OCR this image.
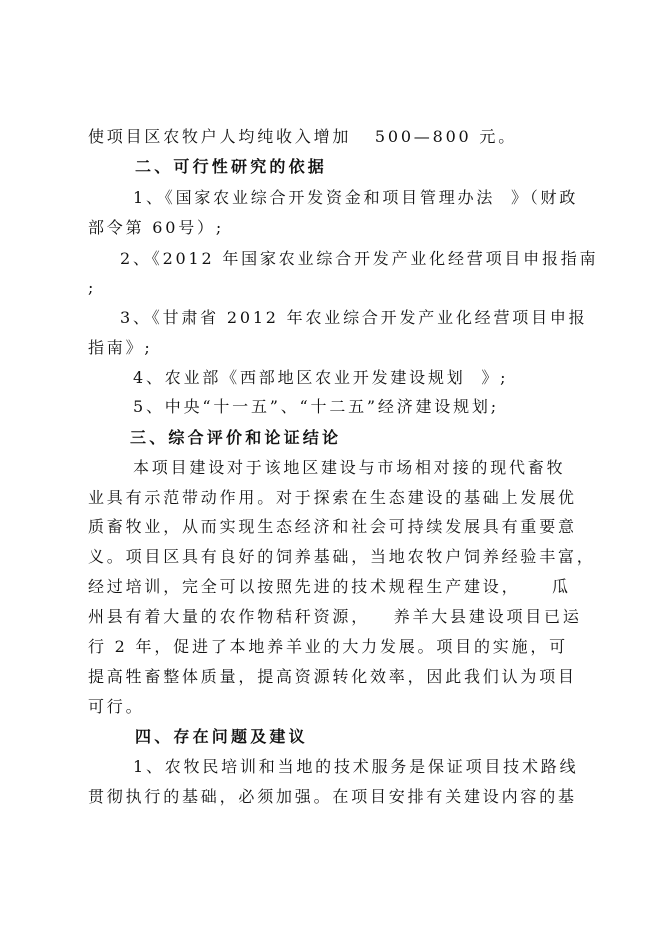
使项目区农牧户人均纯收入增加   500—800 元。
二、可行性研究的依据
1、《国家农业综合开发资金和项目管理办法  》（财政
部令第 60号）;
2、《2012 年国家农业综合开发产业化经营项目申报指南
;
3、《甘肃省 2012 年农业综合开发产业化经营项目申报
指南》;
4、农业部《西部地区农业开发建设规划  》;
5、中央“十一五”、“十二五”经济建设规划;
三、综合评价和论证结论
本项目建设对于该地区建设与市场相对接的现代畜牧
业具有示范带动作用。对于探索在生态建设的基础上发展优
质畜牧业，从而实现生态经济和社会可持续发展具有重要意
义。项目区具有良好的饲养基础，当地农牧户饲养经验丰富，
经过培训，完全可以按照先进的技术规程生产建设，    瓜
州县有着大量的农作物秸秆资源，   养羊大县建设项目已运
行 2 年，促进了本地养羊业的大力发展。项目的实施，可
提高牲畜整体质量，提高资源转化效率，因此我们认为项目
可行。
四、存在问题及建议
1、农牧民培训和当地的技术服务是保证项目技术路线
贯彻执行的基础，必须加强。在项目安排有关建设内容的基
